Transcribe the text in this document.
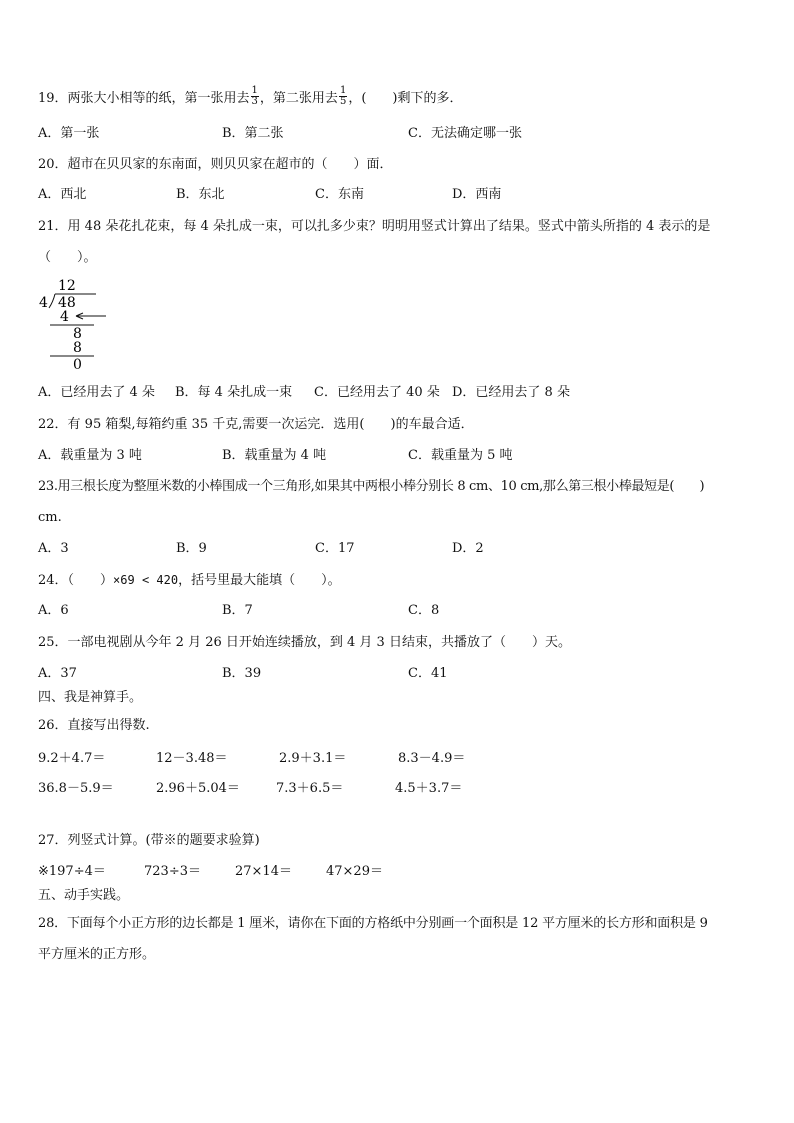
19．两张大小相等的纸，第一张用去 $\frac{1}{3}$ ，第二张用去 $\frac{1}{5}$ ，(　　)剩下的多．
A．第一张	B．第二张	C．无法确定哪一张
20．超市在贝贝家的东南面，则贝贝家在超市的（　　）面．
A．西北	B．东北	C．东南	D．西南
21．用 48 朵花扎花束，每 4 朵扎成一束，可以扎多少束？明明用竖式计算出了结果。竖式中箭头所指的 4 表示的是
（　　）。
12
4 48
4
8
8
0
A．已经用去了 4 朵 B．每 4 朵扎成一束 C．已经用去了 40 朵 D．已经用去了 8 朵
22．有 95 箱梨,每箱约重 35 千克,需要一次运完．选用(　　)的车最合适．
A．载重量为 3 吨	B．载重量为 4 吨	C．载重量为 5 吨
23.用三根长度为整厘米数的小棒围成一个三角形,如果其中两根小棒分别长 8 cm、10 cm,那么第三根小棒最短是(　　)
cm.
A．3	B．9	C．17	D．2
24．（　　）×69 < 420，括号里最大能填（　　）。
A．6	B．7	C．8
25．一部电视剧从今年 2 月 26 日开始连续播放，到 4 月 3 日结束，共播放了（　　）天。
A．37	B．39	C．41
四、我是神算手。
26．直接写出得数.
9.2＋4.7＝	12－3.48＝	2.9＋3.1＝	8.3－4.9＝
36.8－5.9＝	2.96＋5.04＝	7.3＋6.5＝	4.5＋3.7＝
27．列竖式计算。(带※的题要求验算)
※197÷4＝	723÷3＝	27×14＝	47×29＝
五、动手实践。
28．下面每个小正方形的边长都是 1 厘米，请你在下面的方格纸中分别画一个面积是 12 平方厘米的长方形和面积是 9
平方厘米的正方形。
